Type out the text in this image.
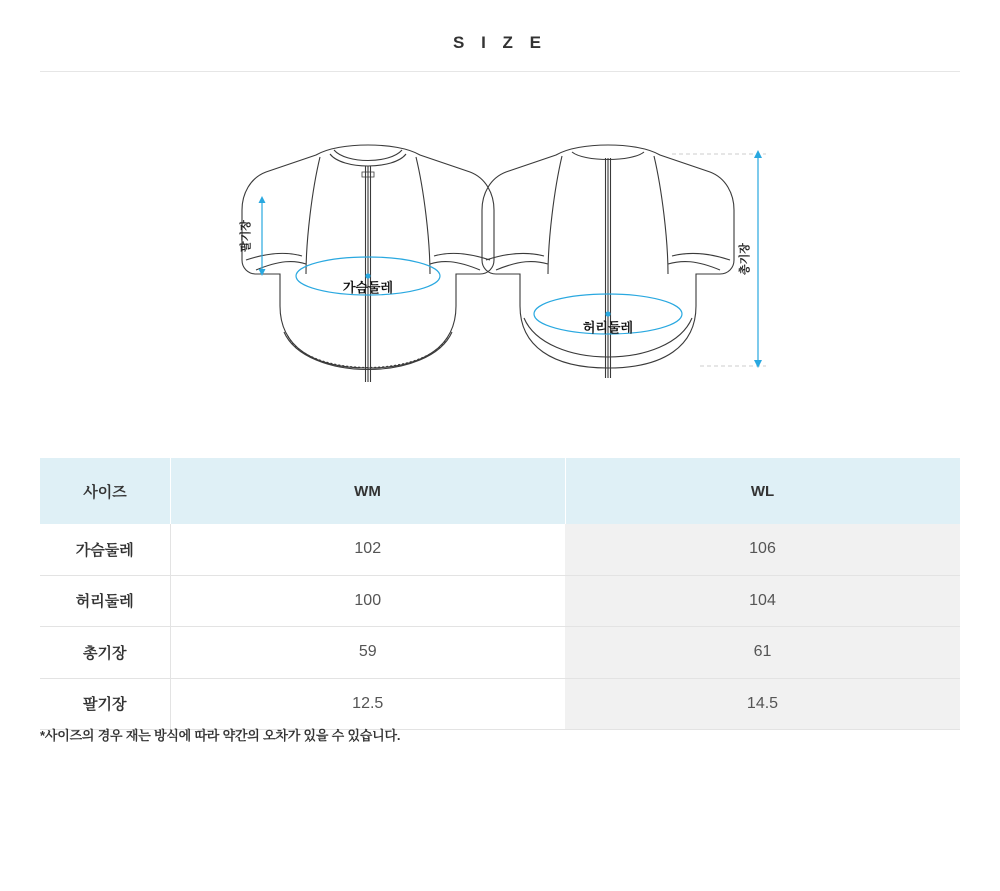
S I Z E
팔기장
가슴둘레
허리둘레
총기장
사이즈	WM	WL
가슴둘레	102	106
허리둘레	100	104
총기장	59	61
팔기장	12.5	14.5
*사이즈의 경우 재는 방식에 따라 약간의 오차가 있을 수 있습니다.
